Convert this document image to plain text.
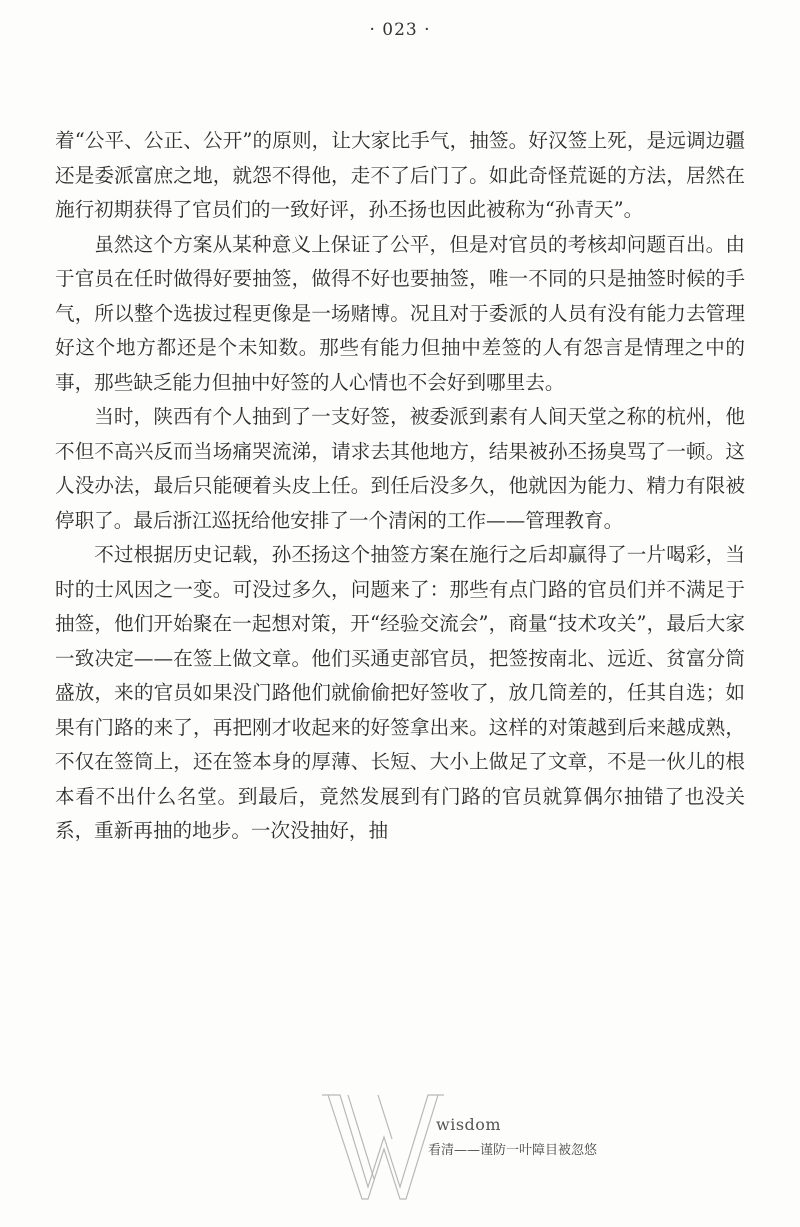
· 023 ·

着“公平、公正、公开”的原则，让大家比手气，抽签。好汉签上死，是远调边疆还是委派富庶之地，就怨不得他，走不了后门了。如此奇怪荒诞的方法，居然在施行初期获得了官员们的一致好评，孙丕扬也因此被称为“孙青天”。

虽然这个方案从某种意义上保证了公平，但是对官员的考核却问题百出。由于官员在任时做得好要抽签，做得不好也要抽签，唯一不同的只是抽签时候的手气，所以整个选拔过程更像是一场赌博。况且对于委派的人员有没有能力去管理好这个地方都还是个未知数。那些有能力但抽中差签的人有怨言是情理之中的事，那些缺乏能力但抽中好签的人心情也不会好到哪里去。

当时，陕西有个人抽到了一支好签，被委派到素有人间天堂之称的杭州，他不但不高兴反而当场痛哭流涕，请求去其他地方，结果被孙丕扬臭骂了一顿。这人没办法，最后只能硬着头皮上任。到任后没多久，他就因为能力、精力有限被停职了。最后浙江巡抚给他安排了一个清闲的工作——管理教育。

不过根据历史记载，孙丕扬这个抽签方案在施行之后却赢得了一片喝彩，当时的士风因之一变。可没过多久，问题来了：那些有点门路的官员们并不满足于抽签，他们开始聚在一起想对策，开“经验交流会”，商量“技术攻关”，最后大家一致决定——在签上做文章。他们买通吏部官员，把签按南北、远近、贫富分筒盛放，来的官员如果没门路他们就偷偷把好签收了，放几筒差的，任其自选；如果有门路的来了，再把刚才收起来的好签拿出来。这样的对策越到后来越成熟，不仅在签筒上，还在签本身的厚薄、长短、大小上做足了文章，不是一伙儿的根本看不出什么名堂。到最后，竟然发展到有门路的官员就算偶尔抽错了也没关系，重新再抽的地步。一次没抽好，抽

wisdom
看清——谨防一叶障目被忽悠
